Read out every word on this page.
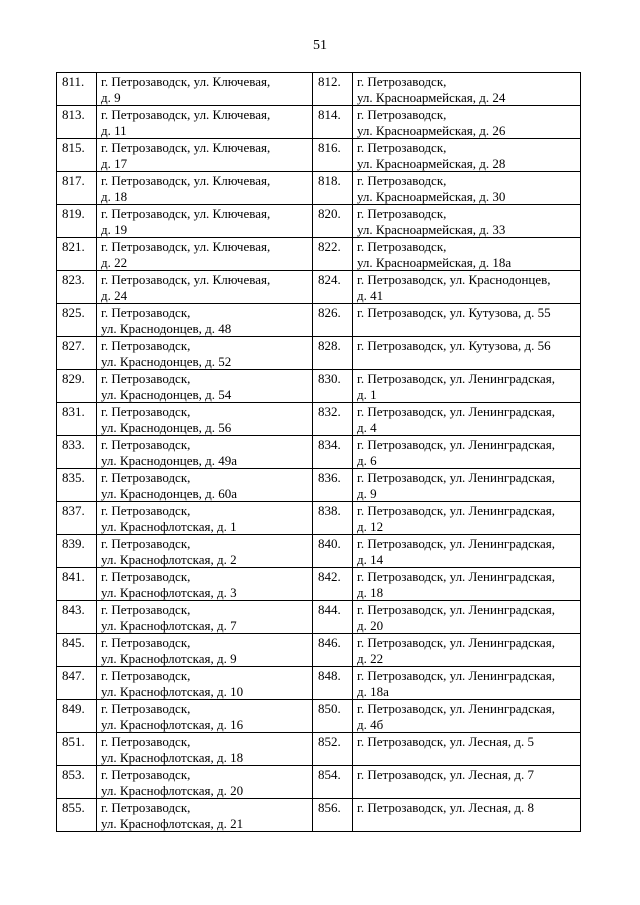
51
811.	г. Петрозаводск, ул. Ключевая,
д. 9	812.	г. Петрозаводск,
ул. Красноармейская, д. 24

813.	г. Петрозаводск, ул. Ключевая,
д. 11	814.	г. Петрозаводск,
ул. Красноармейская, д. 26

815.	г. Петрозаводск, ул. Ключевая,
д. 17	816.	г. Петрозаводск,
ул. Красноармейская, д. 28

817.	г. Петрозаводск, ул. Ключевая,
д. 18	818.	г. Петрозаводск,
ул. Красноармейская, д. 30

819.	г. Петрозаводск, ул. Ключевая,
д. 19	820.	г. Петрозаводск,
ул. Красноармейская, д. 33

821.	г. Петрозаводск, ул. Ключевая,
д. 22	822.	г. Петрозаводск,
ул. Красноармейская, д. 18а

823.	г. Петрозаводск, ул. Ключевая,
д. 24	824.	г. Петрозаводск, ул. Краснодонцев,
д. 41

825.	г. Петрозаводск,
ул. Краснодонцев, д. 48	826.	г. Петрозаводск, ул. Кутузова, д. 55

827.	г. Петрозаводск,
ул. Краснодонцев, д. 52	828.	г. Петрозаводск, ул. Кутузова, д. 56

829.	г. Петрозаводск,
ул. Краснодонцев, д. 54	830.	г. Петрозаводск, ул. Ленинградская,
д. 1

831.	г. Петрозаводск,
ул. Краснодонцев, д. 56	832.	г. Петрозаводск, ул. Ленинградская,
д. 4

833.	г. Петрозаводск,
ул. Краснодонцев, д. 49а	834.	г. Петрозаводск, ул. Ленинградская,
д. 6

835.	г. Петрозаводск,
ул. Краснодонцев, д. 60а	836.	г. Петрозаводск, ул. Ленинградская,
д. 9

837.	г. Петрозаводск,
ул. Краснофлотская, д. 1	838.	г. Петрозаводск, ул. Ленинградская,
д. 12

839.	г. Петрозаводск,
ул. Краснофлотская, д. 2	840.	г. Петрозаводск, ул. Ленинградская,
д. 14

841.	г. Петрозаводск,
ул. Краснофлотская, д. 3	842.	г. Петрозаводск, ул. Ленинградская,
д. 18

843.	г. Петрозаводск,
ул. Краснофлотская, д. 7	844.	г. Петрозаводск, ул. Ленинградская,
д. 20

845.	г. Петрозаводск,
ул. Краснофлотская, д. 9	846.	г. Петрозаводск, ул. Ленинградская,
д. 22

847.	г. Петрозаводск,
ул. Краснофлотская, д. 10	848.	г. Петрозаводск, ул. Ленинградская,
д. 18а

849.	г. Петрозаводск,
ул. Краснофлотская, д. 16	850.	г. Петрозаводск, ул. Ленинградская,
д. 4б

851.	г. Петрозаводск,
ул. Краснофлотская, д. 18	852.	г. Петрозаводск, ул. Лесная, д. 5

853.	г. Петрозаводск,
ул. Краснофлотская, д. 20	854.	г. Петрозаводск, ул. Лесная, д. 7

855.	г. Петрозаводск,
ул. Краснофлотская, д. 21	856.	г. Петрозаводск, ул. Лесная, д. 8
